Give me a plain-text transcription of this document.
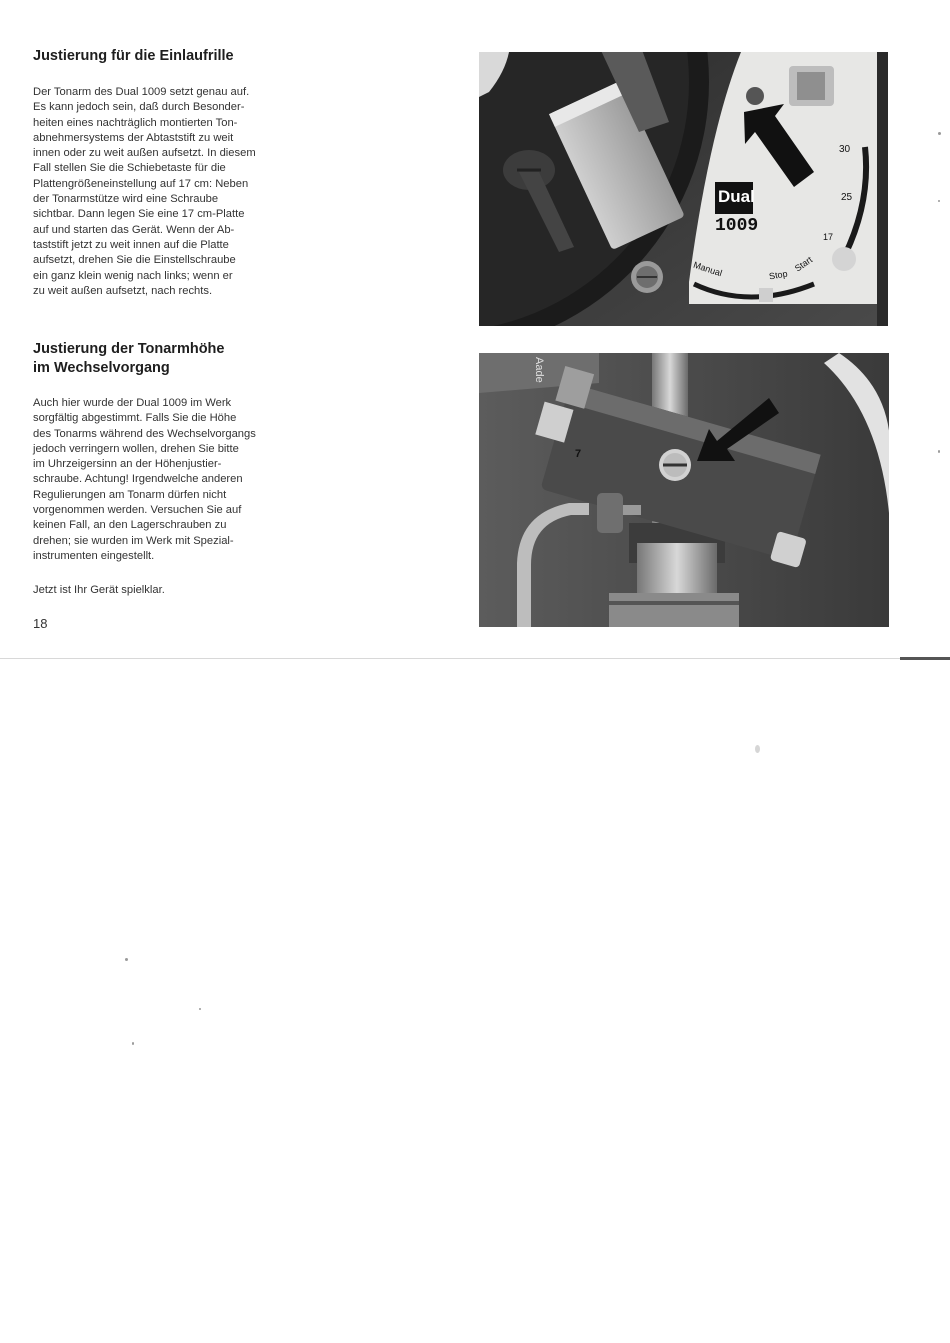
Justierung für die Einlaufrille

Der Tonarm des Dual 1009 setzt genau auf.
Es kann jedoch sein, daß durch Besonder-
heiten eines nachträglich montierten Ton-
abnehmersystems der Abtaststift zu weit
innen oder zu weit außen aufsetzt. In diesem
Fall stellen Sie die Schiebetaste für die
Plattengrößeneinstellung auf 17 cm: Neben
der Tonarmstütze wird eine Schraube
sichtbar. Dann legen Sie eine 17 cm-Platte
auf und starten das Gerät. Wenn der Ab-
taststift jetzt zu weit innen auf die Platte
aufsetzt, drehen Sie die Einstellschraube
ein ganz klein wenig nach links; wenn er
zu weit außen aufsetzt, nach rechts.

Justierung der Tonarmhöhe
im Wechselvorgang

Auch hier wurde der Dual 1009 im Werk
sorgfältig abgestimmt. Falls Sie die Höhe
des Tonarms während des Wechselvorgangs
jedoch verringern wollen, drehen Sie bitte
im Uhrzeigersinn an der Höhenjustier-
schraube. Achtung! Irgendwelche anderen
Regulierungen am Tonarm dürfen nicht
vorgenommen werden. Versuchen Sie auf
keinen Fall, an den Lagerschrauben zu
drehen; sie wurden im Werk mit Spezial-
instrumenten eingestellt.

Jetzt ist Ihr Gerät spielklar.

18
Dual
1009
30
25
17
Manual	Stop
Start
Aade
7
